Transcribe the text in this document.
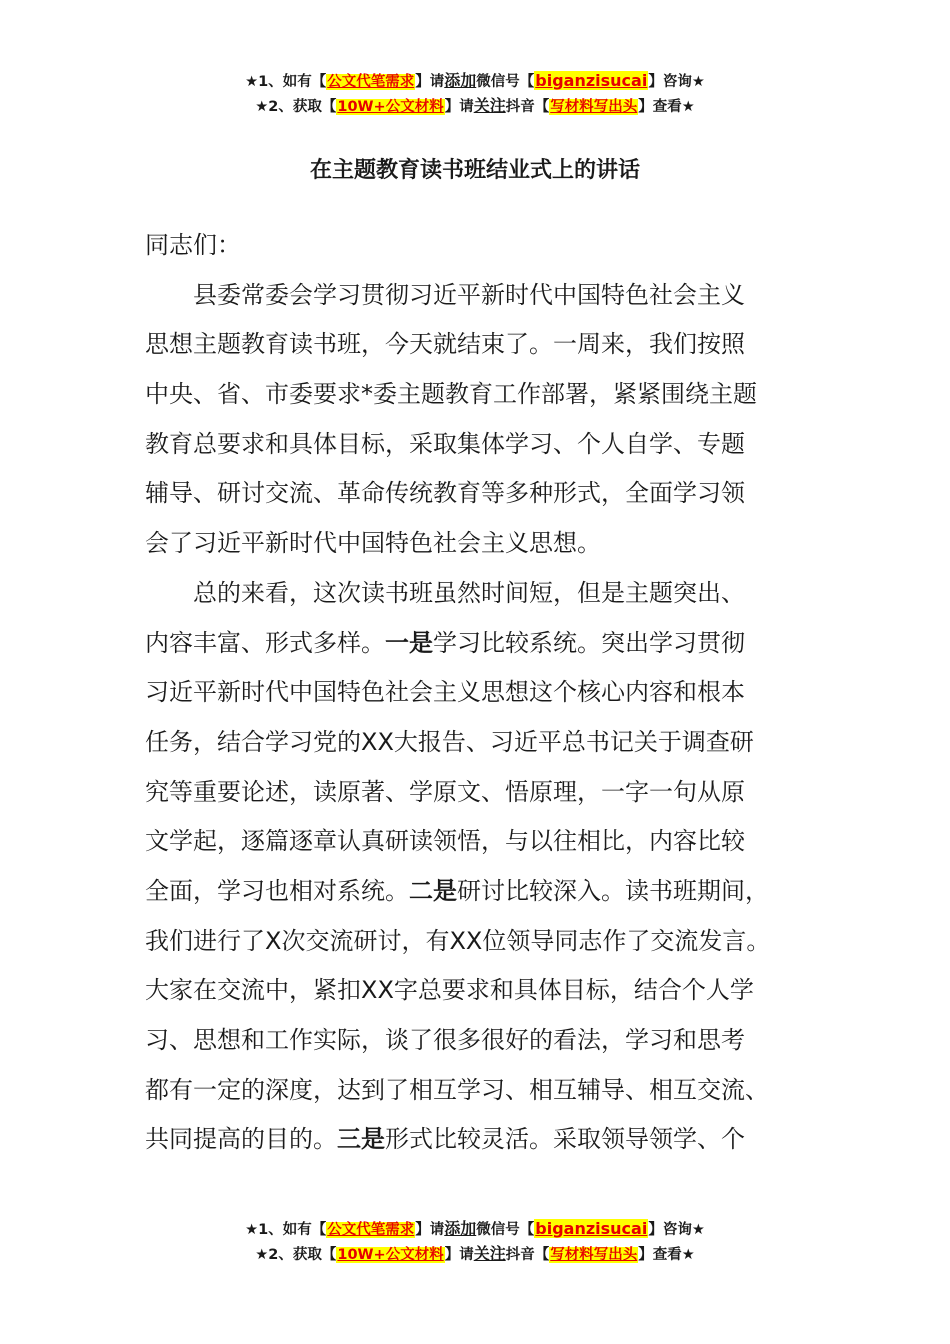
★1、如有【公文代笔需求】请添加微信号【biganzisucai】咨询★
★2、获取【10W+公文材料】请关注抖音【写材料写出头】查看★
在主题教育读书班结业式上的讲话
同志们：
县委常委会学习贯彻习近平新时代中国特色社会主义
思想主题教育读书班，今天就结束了。一周来，我们按照
中央、省、市委要求*委主题教育工作部署，紧紧围绕主题
教育总要求和具体目标，采取集体学习、个人自学、专题
辅导、研讨交流、革命传统教育等多种形式，全面学习领
会了习近平新时代中国特色社会主义思想。
总的来看，这次读书班虽然时间短，但是主题突出、
内容丰富、形式多样。一是学习比较系统。突出学习贯彻
习近平新时代中国特色社会主义思想这个核心内容和根本
任务，结合学习党的XX大报告、习近平总书记关于调查研
究等重要论述，读原著、学原文、悟原理，一字一句从原
文学起，逐篇逐章认真研读领悟，与以往相比，内容比较
全面，学习也相对系统。二是研讨比较深入。读书班期间，
我们进行了X次交流研讨，有XX位领导同志作了交流发言。
大家在交流中，紧扣XX字总要求和具体目标，结合个人学
习、思想和工作实际，谈了很多很好的看法，学习和思考
都有一定的深度，达到了相互学习、相互辅导、相互交流、
共同提高的目的。三是形式比较灵活。采取领导领学、个
★1、如有【公文代笔需求】请添加微信号【biganzisucai】咨询★
★2、获取【10W+公文材料】请关注抖音【写材料写出头】查看★
